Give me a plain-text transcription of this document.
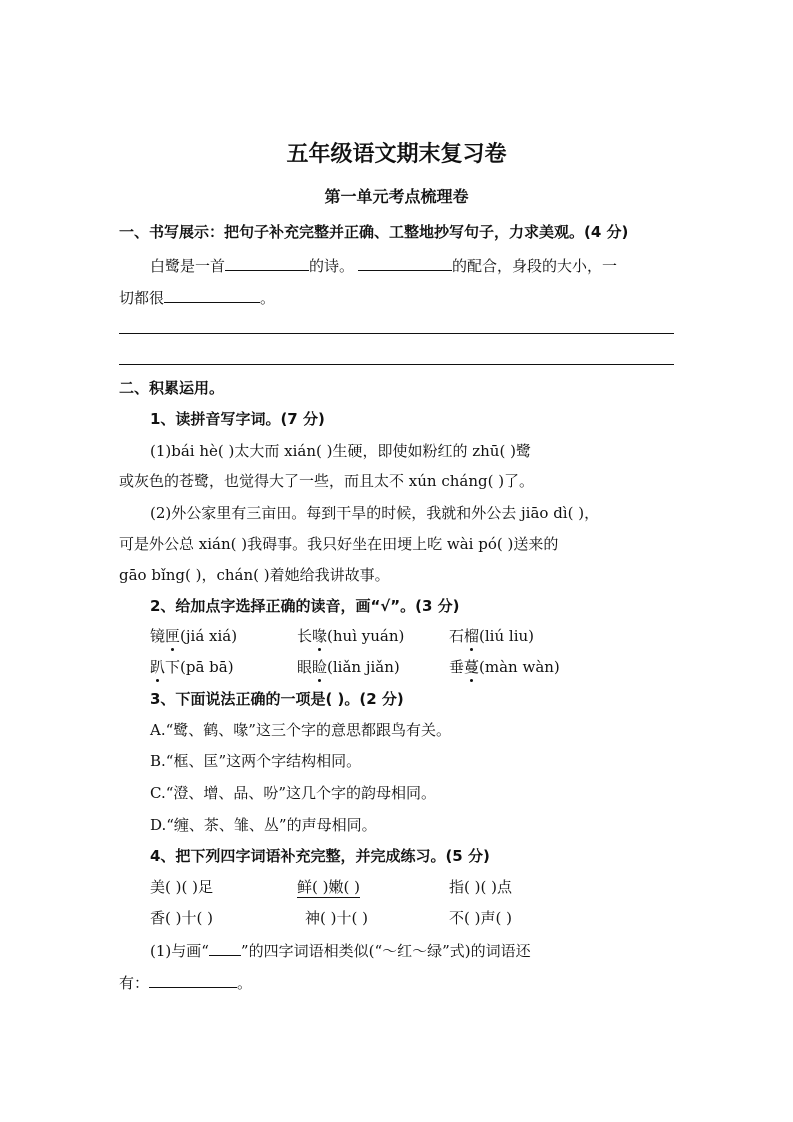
五年级语文期末复习卷
第一单元考点梳理卷
一、书写展示：把句子补充完整并正确、工整地抄写句子，力求美观。(4 分)
白鹭是一首	的诗。	的配合，身段的大小，一
切都很	。
二、积累运用。
1、读拼音写字词。(7 分)
(1)bái hè( )太大而 xián( )生硬，即使如粉红的 zhū( )鹭
或灰色的苍鹭，也觉得大了一些，而且太不 xún cháng( )了。
(2)外公家里有三亩田。每到干旱的时候，我就和外公去 jiāo dì( )，
可是外公总 xián( )我碍事。我只好坐在田埂上吃 wài pó( )送来的
gāo bǐng( )，chán( )着她给我讲故事。
2、给加点字选择正确的读音，画“√”。(3 分)
镜匣(jiá xiá)	长喙(huì yuán)	石榴(liú liu)
趴下(pā bā)	眼睑(liǎn jiǎn)	垂蔓(màn wàn)
3、下面说法正确的一项是( )。(2 分)
A.“鹭、鹤、喙”这三个字的意思都跟鸟有关。
B.“框、匡”这两个字结构相同。
C.“澄、增、品、吩”这几个字的韵母相同。
D.“缠、茶、雏、丛”的声母相同。
4、把下列四字词语补充完整，并完成练习。(5 分)
美( )( )足	鲜( )嫩( )	指( )( )点
香( )十( )	神( )十( )	不( )声( )
(1)与画“ ”的四字词语相类似(“～红～绿”式)的词语还
有：	。
